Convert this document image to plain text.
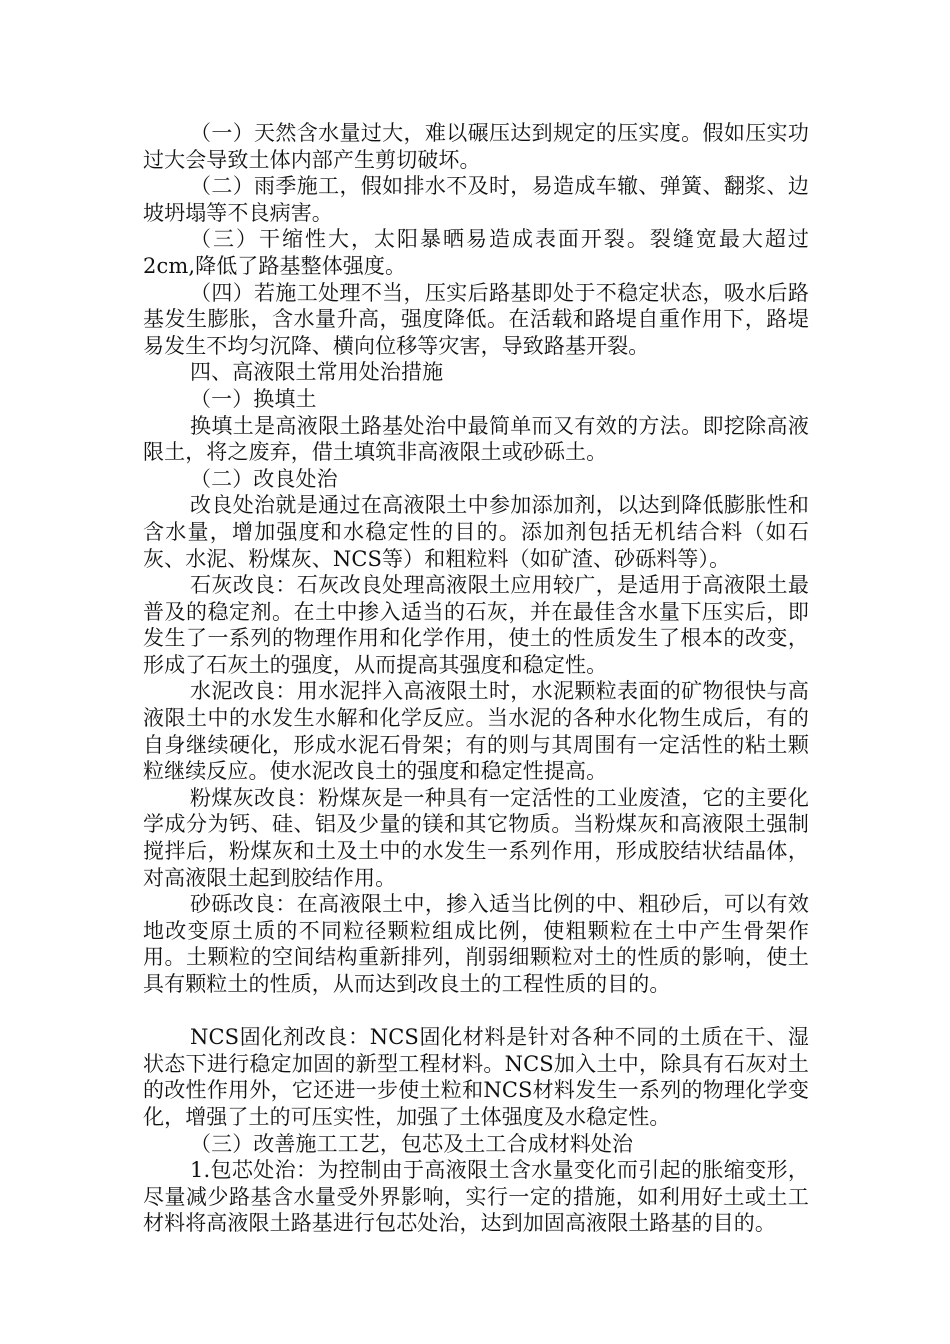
（一）天然含水量过大，难以碾压达到规定的压实度。假如压实功过大会导致土体内部产生剪切破坏。

（二）雨季施工，假如排水不及时，易造成车辙、弹簧、翻浆、边坡坍塌等不良病害。

（三）干缩性大，太阳暴晒易造成表面开裂。裂缝宽最大超过2cm,降低了路基整体强度。

（四）若施工处理不当，压实后路基即处于不稳定状态，吸水后路基发生膨胀，含水量升高，强度降低。在活载和路堤自重作用下，路堤易发生不均匀沉降、横向位移等灾害，导致路基开裂。

四、高液限土常用处治措施

（一）换填土

换填土是高液限土路基处治中最简单而又有效的方法。即挖除高液限土，将之废弃，借土填筑非高液限土或砂砾土。

（二）改良处治

改良处治就是通过在高液限土中参加添加剂，以达到降低膨胀性和含水量，增加强度和水稳定性的目的。添加剂包括无机结合料（如石灰、水泥、粉煤灰、NCS等）和粗粒料（如矿渣、砂砾料等）。

石灰改良：石灰改良处理高液限土应用较广，是适用于高液限土最普及的稳定剂。在土中掺入适当的石灰，并在最佳含水量下压实后，即发生了一系列的物理作用和化学作用，使土的性质发生了根本的改变，形成了石灰土的强度，从而提高其强度和稳定性。

水泥改良：用水泥拌入高液限土时，水泥颗粒表面的矿物很快与高液限土中的水发生水解和化学反应。当水泥的各种水化物生成后，有的自身继续硬化，形成水泥石骨架；有的则与其周围有一定活性的粘土颗粒继续反应。使水泥改良土的强度和稳定性提高。

粉煤灰改良：粉煤灰是一种具有一定活性的工业废渣，它的主要化学成分为钙、硅、铝及少量的镁和其它物质。当粉煤灰和高液限土强制搅拌后，粉煤灰和土及土中的水发生一系列作用，形成胶结状结晶体，对高液限土起到胶结作用。

砂砾改良：在高液限土中，掺入适当比例的中、粗砂后，可以有效地改变原土质的不同粒径颗粒组成比例，使粗颗粒在土中产生骨架作用。土颗粒的空间结构重新排列，削弱细颗粒对土的性质的影响，使土具有颗粒土的性质，从而达到改良土的工程性质的目的。

NCS固化剂改良：NCS固化材料是针对各种不同的土质在干、湿状态下进行稳定加固的新型工程材料。NCS加入土中，除具有石灰对土的改性作用外，它还进一步使土粒和NCS材料发生一系列的物理化学变化，增强了土的可压实性，加强了土体强度及水稳定性。

（三）改善施工工艺，包芯及土工合成材料处治

1.包芯处治：为控制由于高液限土含水量变化而引起的胀缩变形，尽量减少路基含水量受外界影响，实行一定的措施，如利用好土或土工材料将高液限土路基进行包芯处治，达到加固高液限土路基的目的。
